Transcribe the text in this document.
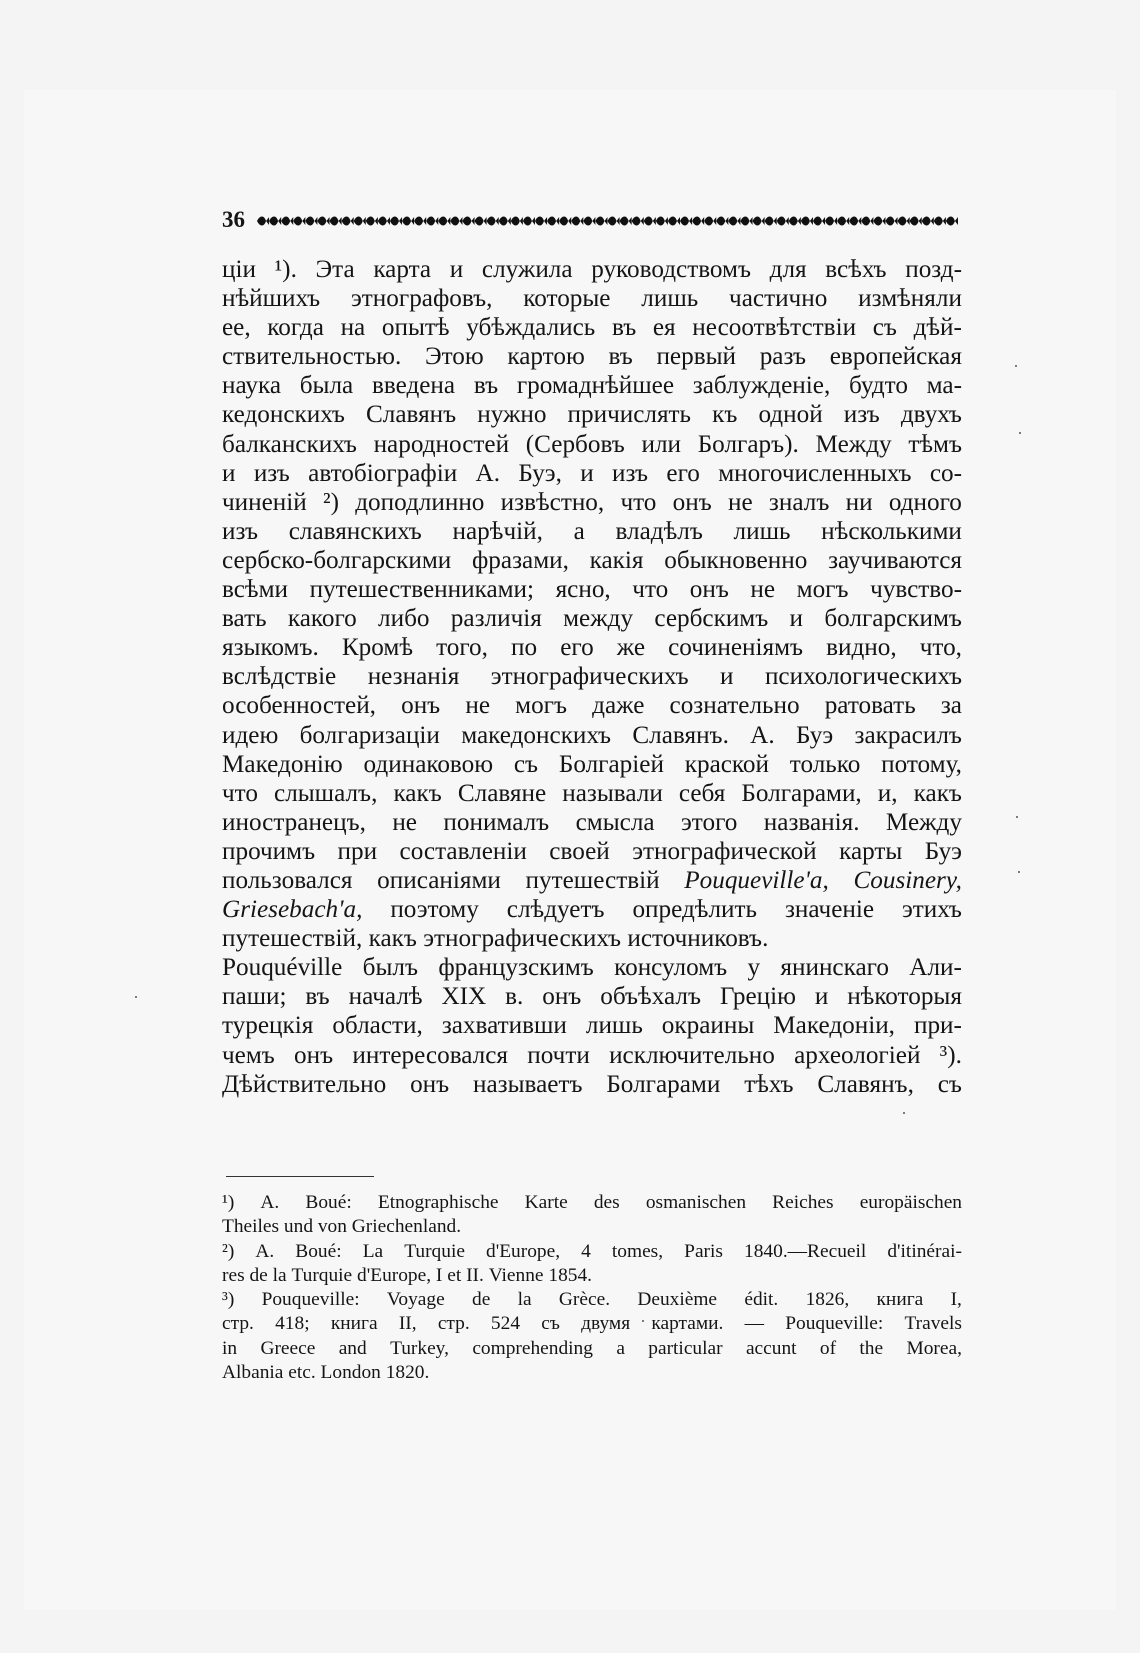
36
ціи ¹). Эта карта и служила руководствомъ для всѣхъ позд-
нѣйшихъ этнографовъ, которые лишь частично измѣняли
ее, когда на опытѣ убѣждались въ ея несоотвѣтствіи съ дѣй-
ствительностью. Этою картою въ первый разъ европейская
наука была введена въ громаднѣйшее заблужденіе, будто ма-
кедонскихъ Славянъ нужно причислять къ одной изъ двухъ
балканскихъ народностей (Сербовъ или Болгаръ). Между тѣмъ
и изъ автобіографіи А. Буэ, и изъ его многочисленныхъ со-
чиненій ²) доподлинно извѣстно, что онъ не зналъ ни одного
изъ славянскихъ нарѣчій, а владѣлъ лишь нѣсколькими
сербско-болгарскими фразами, какія обыкновенно заучиваются
всѣми путешественниками; ясно, что онъ не могъ чувство-
вать какого либо различія между сербскимъ и болгарскимъ
языкомъ. Кромѣ того, по его же сочиненіямъ видно, что,
вслѣдствіе незнанія этнографическихъ и психологическихъ
особенностей, онъ не могъ даже сознательно ратовать за
идею болгаризаціи македонскихъ Славянъ. А. Буэ закрасилъ
Македонію одинаковою съ Болгаріей краской только потому,
что слышалъ, какъ Славяне называли себя Болгарами, и, какъ
иностранецъ, не понималъ смысла этого названія. Между
прочимъ при составленіи своей этнографической карты Буэ
пользовался описаніями путешествій Pouqueville'а, Cousinery,
Griesebach'а, поэтому слѣдуетъ опредѣлить значеніе этихъ
путешествій, какъ этнографическихъ источниковъ.
Pouquéville былъ французскимъ консуломъ у янинскаго Али-
паши; въ началѣ XIX в. онъ объѣхалъ Грецію и нѣкоторыя
турецкія области, захвативши лишь окраины Македоніи, при-
чемъ онъ интересовался почти исключительно археологіей ³).
Дѣйствительно онъ называетъ Болгарами тѣхъ Славянъ, съ
¹) A. Boué: Etnographische Karte des osmanischen Reiches europäischen
Theiles und von Griechenland.
²) A. Boué: La Turquie d'Europe, 4 tomes, Paris 1840.—Recueil d'itinérai-
res de la Turquie d'Europe, I et II. Vienne 1854.
³) Pouqueville: Voyage de la Grèce. Deuxième édit. 1826, книга I,
стр. 418; книга II, стр. 524 съ двумя картами. — Pouqueville: Travels
in Greece and Turkey, comprehending a particular accunt of the Morea,
Albania etc. London 1820.
